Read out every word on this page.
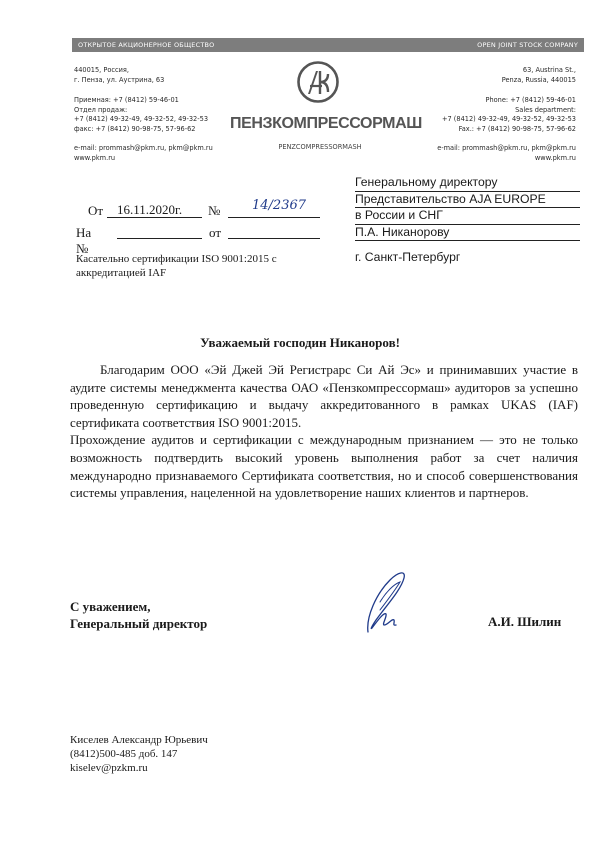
ОТКРЫТОЕ АКЦИОНЕРНОЕ ОБЩЕСТВО	OPEN JOINT STOCK COMPANY
440015, Россия,
г. Пенза, ул. Аустрина, 63
63, Austrina St.,
Penza, Russia, 440015
Приемная: +7 (8412) 59-46-01
Отдел продаж:
+7 (8412) 49-32-49, 49-32-52, 49-32-53
факс: +7 (8412) 90-98-75, 57-96-62
Phone: +7 (8412) 59-46-01
Sales department:
+7 (8412) 49-32-49, 49-32-52, 49-32-53
Fax.: +7 (8412) 90-98-75, 57-96-62
e-mail: prommash@pkm.ru, pkm@pkm.ru
www.pkm.ru
e-mail: prommash@pkm.ru, pkm@pkm.ru
www.pkm.ru
ПЕНЗКОМПРЕССОРМАШ
PENZCOMPRESSORMASH
От 16.11.2020г. № 14/2367
На №
от
Генеральному директору
Представительство AJA EUROPE
в России и СНГ
П.А. Никанорову
г. Санкт-Петербург
Касательно сертификации ISO 9001:2015 с аккредитацией IAF
Уважаемый господин Никаноров!

Благодарим ООО «Эй Джей Эй Регистрарс Си Ай Эс» и принимавших участие в аудите системы менеджмента качества ОАО «Пензкомпрессормаш» аудиторов за успешно проведенную сертификацию и выдачу аккредитованного в рамках UKAS (IAF) сертификата соответствия ISO 9001:2015.

Прохождение аудитов и сертификации с международным признанием — это не только возможность подтвердить высокий уровень выполнения работ за счет наличия международно признаваемого Сертификата соответствия, но и способ совершенствования системы управления, нацеленной на удовлетворение наших клиентов и партнеров.

С уважением,
Генеральный директор	А.И. Шилин
Киселев Александр Юрьевич
(8412)500-485 доб. 147
kiselev@pzkm.ru
